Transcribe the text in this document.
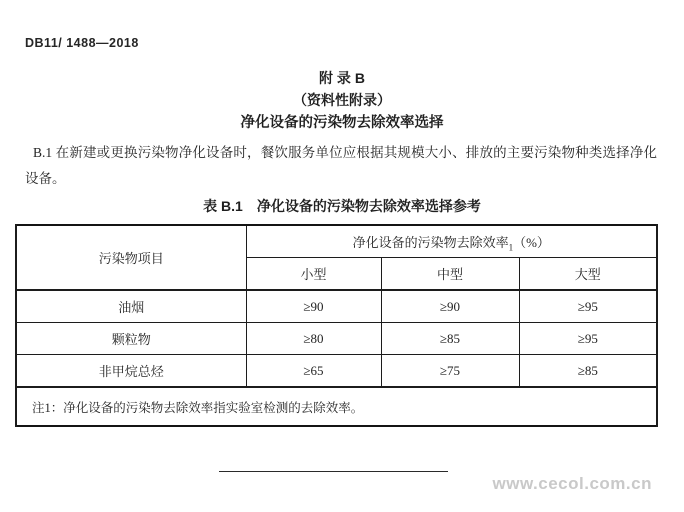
DB11/ 1488—2018
附 录 B
（资料性附录）
净化设备的污染物去除效率选择

B.1 在新建或更换污染物净化设备时，餐饮服务单位应根据其规模大小、排放的主要污染物种类选择净化设备。

表 B.1　净化设备的污染物去除效率选择参考
污染物项目	净化设备的污染物去除效率$_1$（%）		
	小型	中型	大型
油烟	≥90	≥90	≥95
颗粒物	≥80	≥85	≥95
非甲烷总烃	≥65	≥75	≥85
注1：净化设备的污染物去除效率指实验室检测的去除效率。			
www.cecol.com.cn
